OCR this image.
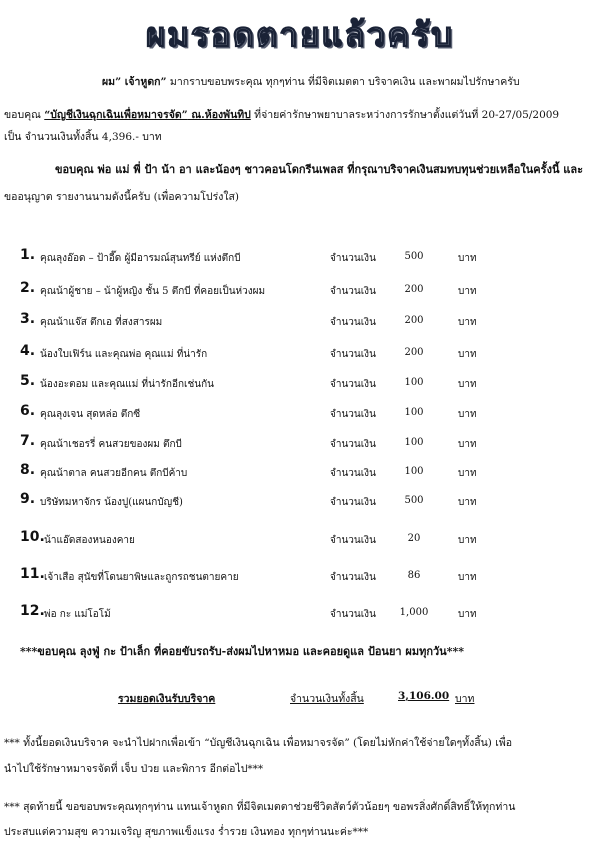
ผมรอดตายแล้วครับ
ผม” เจ้าหูดก” มากราบขอบพระคุณ ทุกๆท่าน ที่มีจิตเมตตา บริจาคเงิน และพาผมไปรักษาครับ
ขอบคุณ “บัญชีเงินฉุกเฉินเพื่อหมาจรจัด” ณ.ห้องพันทิป ที่จ่ายค่ารักษาพยาบาลระหว่างการรักษาตั้งแต่วันที่ 20-27/05/2009
เป็น จำนวนเงินทั้งสิ้น 4,396.- บาท
ขอบคุณ พ่อ แม่ พี่ ป้า น้า อา และน้องๆ ชาวคอนโดกรีนเพลส ที่กรุณาบริจาคเงินสมทบทุนช่วยเหลือในครั้งนี้ และ
ขออนุญาต รายงานนามดังนี้ครับ (เพื่อความโปร่งใส)
1. คุณลุงอ๊อด – ป้าอี๊ด ผู้มีอารมณ์สุนทรีย์ แห่งตึกบี	จำนวนเงิน	500	บาท
2. คุณน้าผู้ชาย – น้าผู้หญิง ชั้น 5 ตึกบี ที่คอยเป็นห่วงผม	จำนวนเงิน	200	บาท
3. คุณน้าแจ๊ส ตึกเอ ที่สงสารผม	จำนวนเงิน	200	บาท
4. น้องใบเฟิร์น และคุณพ่อ คุณแม่ ที่น่ารัก	จำนวนเงิน	200	บาท
5. น้องอะตอม และคุณแม่ ที่น่ารักอีกเช่นกัน	จำนวนเงิน	100	บาท
6. คุณลุงเจน สุดหล่อ ตึกซี	จำนวนเงิน	100	บาท
7. คุณน้าเชอรรี่ คนสวยของผม ตึกบี	จำนวนเงิน	100	บาท
8. คุณน้าตาล คนสวยอีกคน ตึกบีค้าบ	จำนวนเงิน	100	บาท
9. บริษัทมหาจักร น้องปู(แผนกบัญชี)	จำนวนเงิน	500	บาท
10. น้าแอ๊ดสองหนองคาย	จำนวนเงิน	20	บาท
11. เจ้าเสือ สุนัขที่โดนยาพิษและถูกรถชนตายคาย	จำนวนเงิน	86	บาท
12. พ่อ กะ แม่โอโม้	จำนวนเงิน	1,000	บาท
***ขอบคุณ ลุงฟู่ กะ ป้าเล็ก ที่คอยขับรถรับ-ส่งผมไปหาหมอ และคอยดูแล ป้อนยา ผมทุกวัน***
รวมยอดเงินรับบริจาค	จำนวนเงินทั้งสิ้น	3,106.00 บาท
*** ทั้งนี้ยอดเงินบริจาค จะนำไปฝากเพื่อเข้า “บัญชีเงินฉุกเฉิน เพื่อหมาจรจัด” (โดยไม่หักค่าใช้จ่ายใดๆทั้งสิ้น) เพื่อ
นำไปใช้รักษาหมาจรจัดที่ เจ็บ ป่วย และพิการ อีกต่อไป***
*** สุดท้ายนี้ ขอขอบพระคุณทุกๆท่าน แทนเจ้าหูดก ที่มีจิตเมตตาช่วยชีวิตสัตว์ตัวน้อยๆ ขอพรสิ่งศักดิ์สิทธิ์ให้ทุกท่าน
ประสบแต่ความสุข ความเจริญ สุขภาพแข็งแรง ร่ำรวย เงินทอง ทุกๆท่านนะค่ะ***
